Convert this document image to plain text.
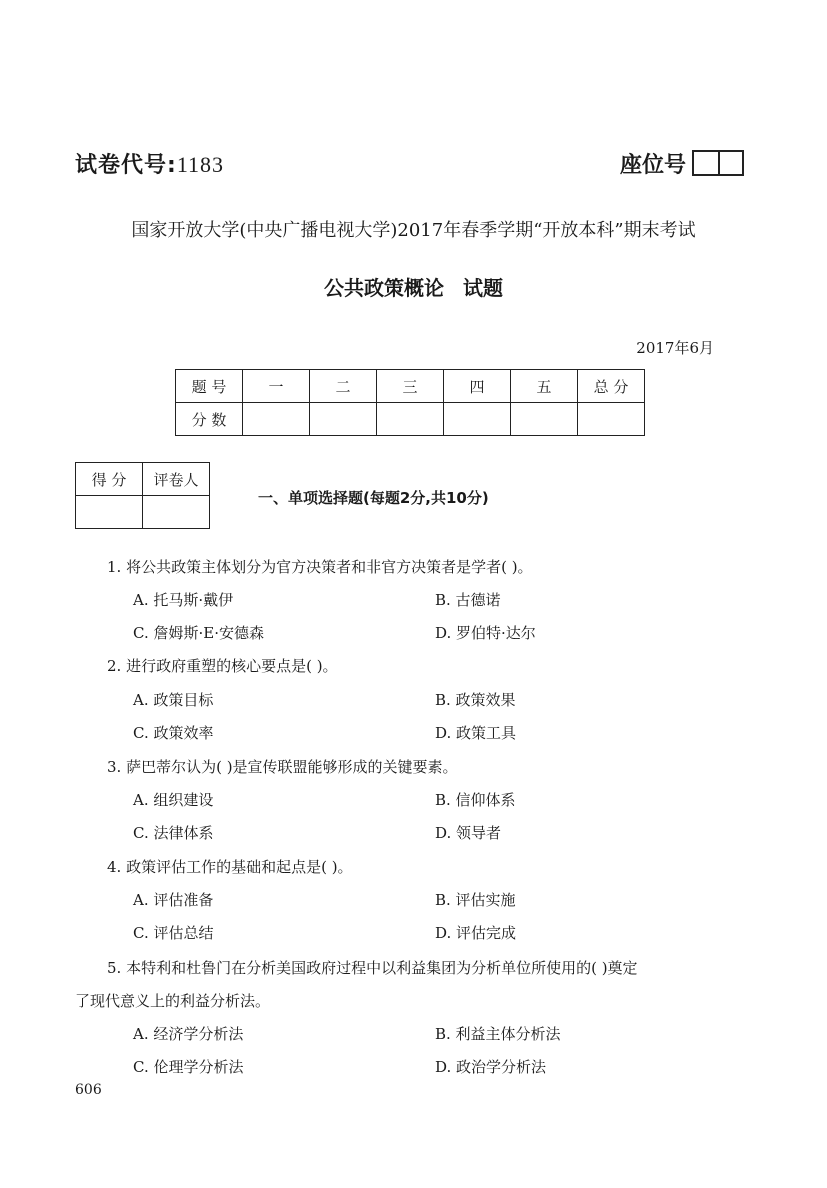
试卷代号:1183	座位号
国家开放大学(中央广播电视大学)2017年春季学期“开放本科”期末考试
公共政策概论 试题
2017年6月
题 号	一	二	三	四	五	总 分
分 数						
得 分	评卷人

一、单项选择题(每题2分,共10分)
1. 将公共政策主体划分为官方决策者和非官方决策者是学者( )。
A. 托马斯·戴伊	B. 古德诺
C. 詹姆斯·E·安德森	D. 罗伯特·达尔
2. 进行政府重塑的核心要点是( )。
A. 政策目标	B. 政策效果
C. 政策效率	D. 政策工具
3. 萨巴蒂尔认为( )是宣传联盟能够形成的关键要素。
A. 组织建设	B. 信仰体系
C. 法律体系	D. 领导者
4. 政策评估工作的基础和起点是( )。
A. 评估准备	B. 评估实施
C. 评估总结	D. 评估完成
5. 本特利和杜鲁门在分析美国政府过程中以利益集团为分析单位所使用的( )奠定
了现代意义上的利益分析法。
A. 经济学分析法	B. 利益主体分析法
C. 伦理学分析法	D. 政治学分析法
606
